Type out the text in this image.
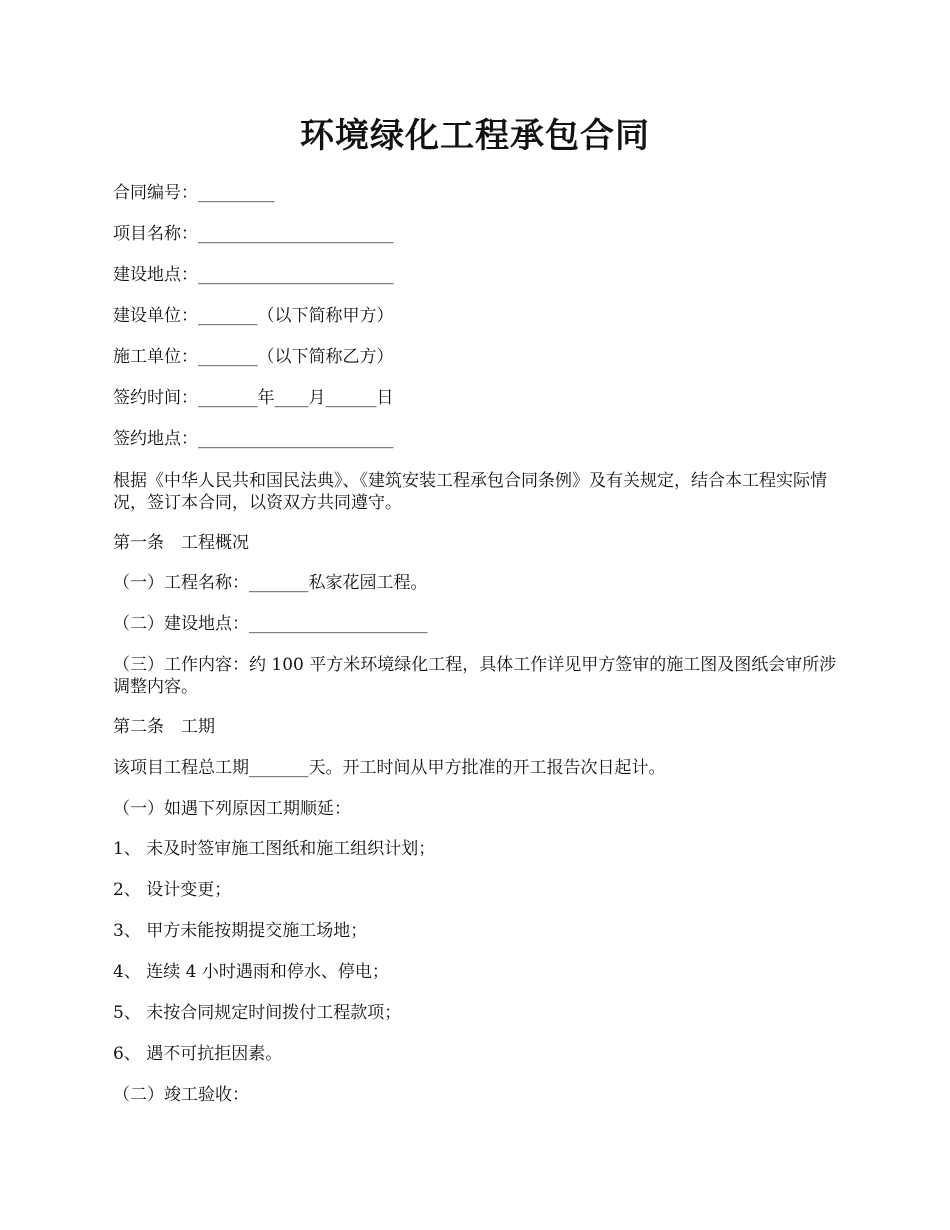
环境绿化工程承包合同

合同编号：_________

项目名称：_______________________

建设地点：_______________________

建设单位：_______（以下简称甲方）

施工单位：_______（以下简称乙方）

签约时间：_______年____月______日

签约地点：_______________________

根据《中华人民共和国民法典》、《建筑安装工程承包合同条例》及有关规定，结合本工程实际情况，签订本合同，以资双方共同遵守。

第一条　工程概况

（一）工程名称：_______私家花园工程。

（二）建设地点：_____________________

（三）工作内容：约 100 平方米环境绿化工程，具体工作详见甲方签审的施工图及图纸会审所涉调整内容。

第二条　工期

该项目工程总工期_______天。开工时间从甲方批准的开工报告次日起计。

（一）如遇下列原因工期顺延：

1、 未及时签审施工图纸和施工组织计划；

2、 设计变更；

3、 甲方未能按期提交施工场地；

4、 连续 4 小时遇雨和停水、停电；

5、 未按合同规定时间拨付工程款项；

6、 遇不可抗拒因素。

（二）竣工验收：
